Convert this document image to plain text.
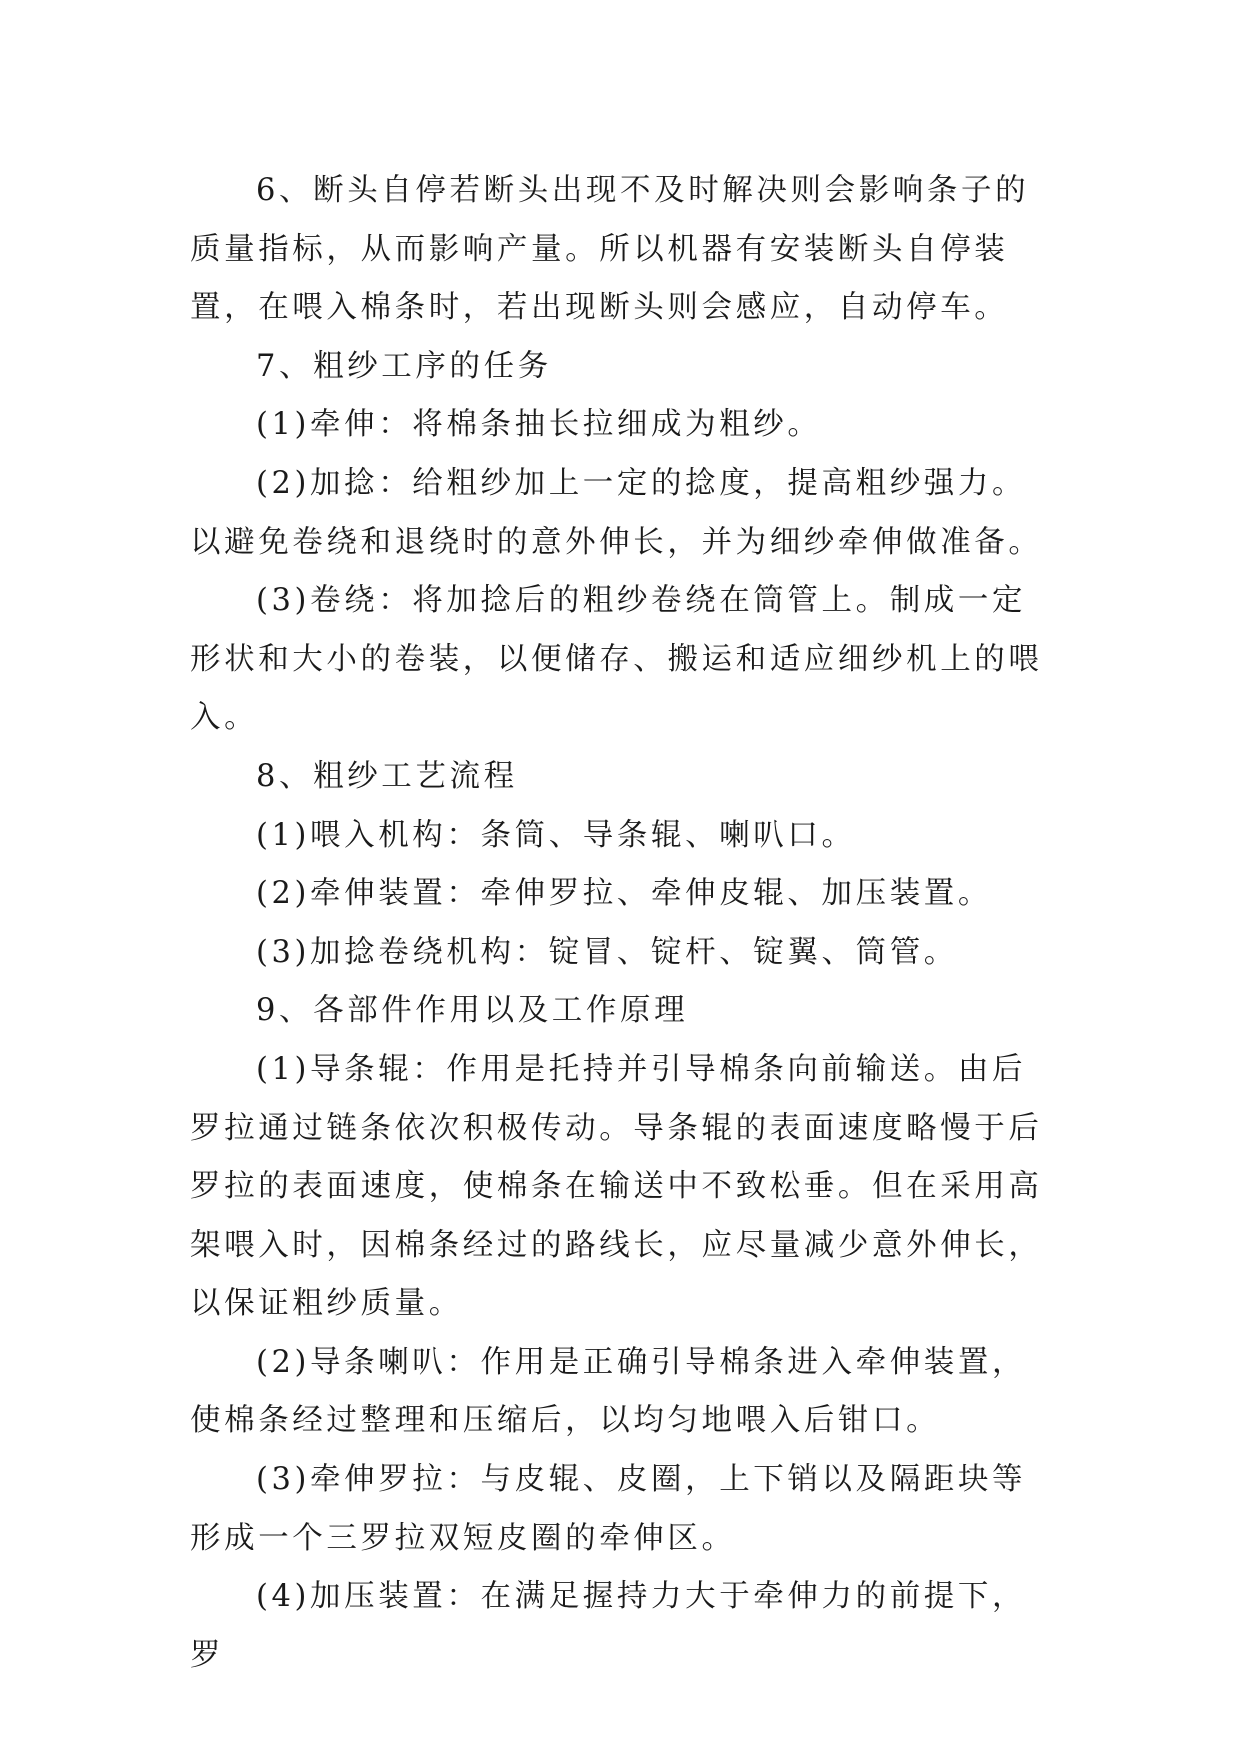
6、断头自停若断头出现不及时解决则会影响条子的质量指标，从而影响产量。所以机器有安装断头自停装置，在喂入棉条时，若出现断头则会感应，自动停车。

7、粗纱工序的任务

(1)牵伸：将棉条抽长拉细成为粗纱。

(2)加捻：给粗纱加上一定的捻度，提高粗纱强力。以避免卷绕和退绕时的意外伸长，并为细纱牵伸做准备。

(3)卷绕：将加捻后的粗纱卷绕在筒管上。制成一定形状和大小的卷装，以便储存、搬运和适应细纱机上的喂入。

8、粗纱工艺流程

(1)喂入机构：条筒、导条辊、喇叭口。

(2)牵伸装置：牵伸罗拉、牵伸皮辊、加压装置。

(3)加捻卷绕机构：锭冒、锭杆、锭翼、筒管。

9、各部件作用以及工作原理

(1)导条辊：作用是托持并引导棉条向前输送。由后罗拉通过链条依次积极传动。导条辊的表面速度略慢于后罗拉的表面速度，使棉条在输送中不致松垂。但在采用高架喂入时，因棉条经过的路线长，应尽量减少意外伸长，以保证粗纱质量。

(2)导条喇叭：作用是正确引导棉条进入牵伸装置，使棉条经过整理和压缩后，以均匀地喂入后钳口。

(3)牵伸罗拉：与皮辊、皮圈，上下销以及隔距块等形成一个三罗拉双短皮圈的牵伸区。

(4)加压装置：在满足握持力大于牵伸力的前提下，罗
